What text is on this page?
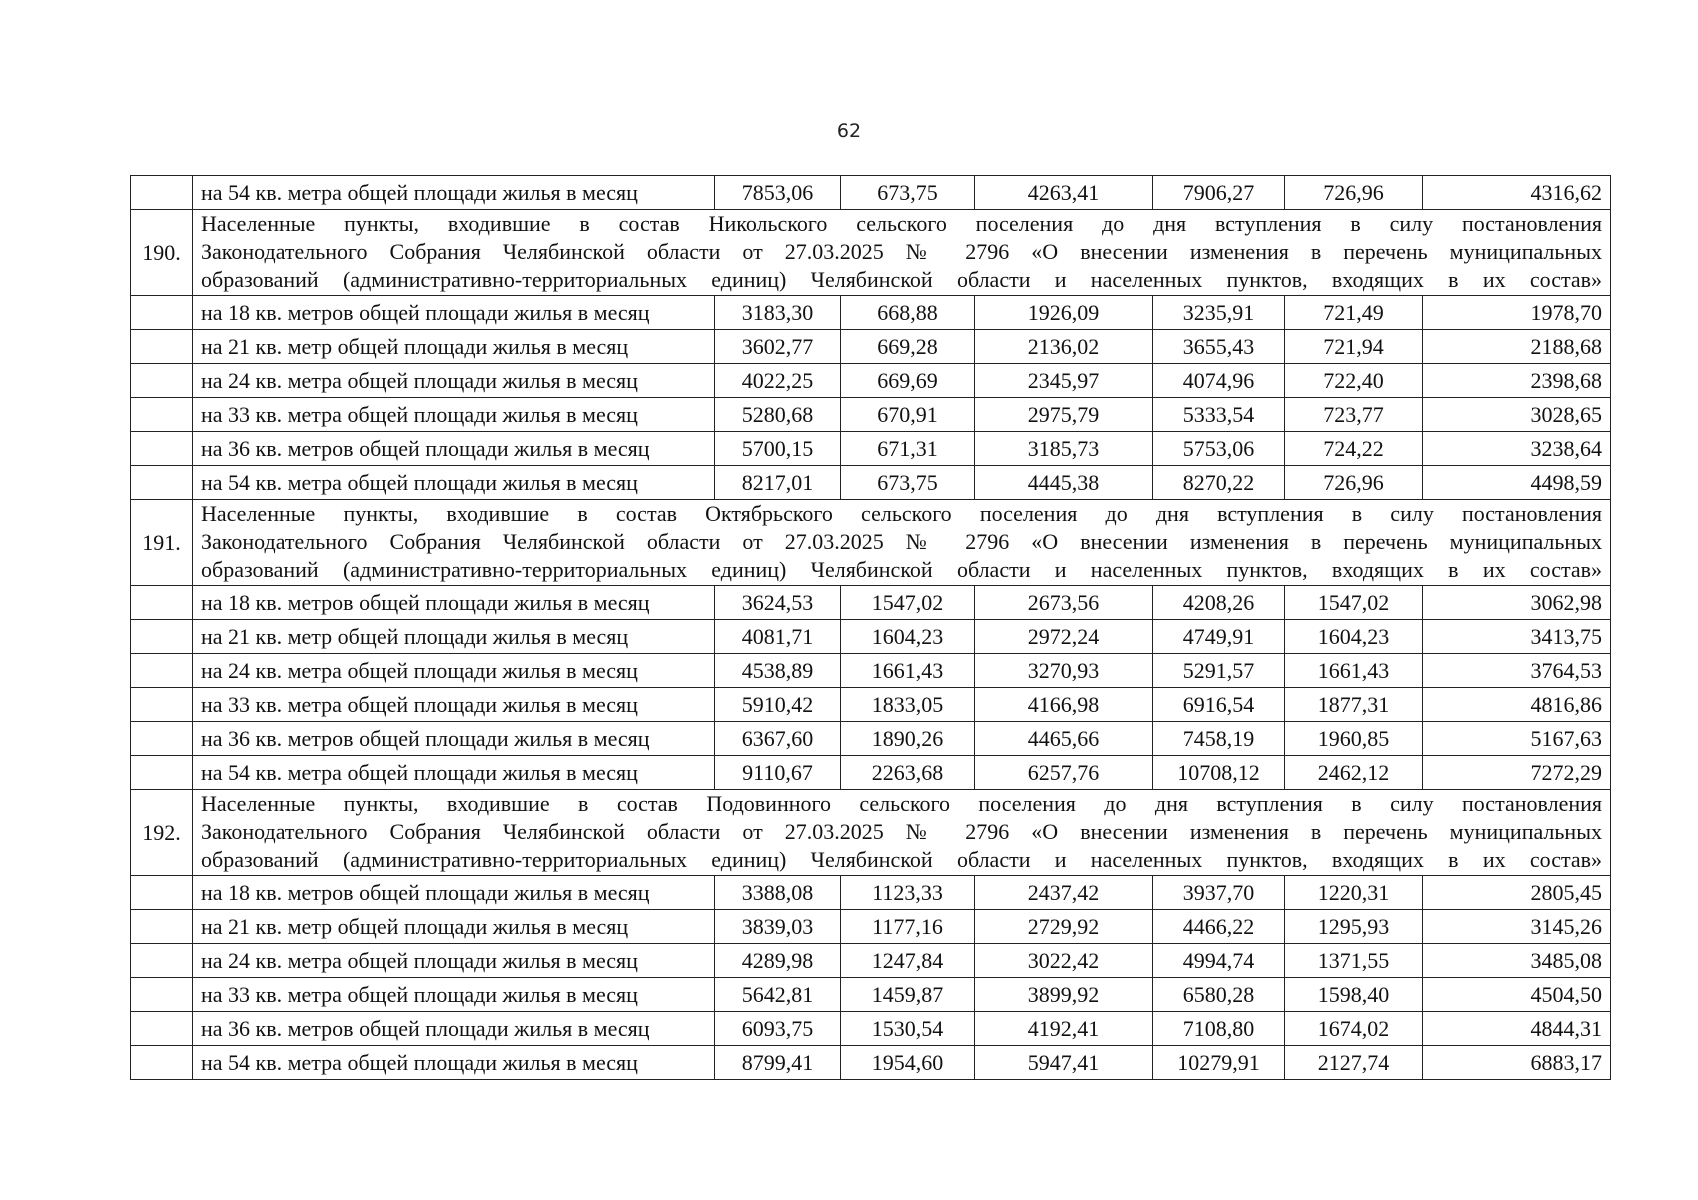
62
	на 54 кв. метра общей площади жилья в месяц	7853,06	673,75	4263,41	7906,27	726,96	4316,62
190.	Населенные пункты, входившие в состав Никольского сельского поселения до дня вступления в силу постановления
Законодательного Собрания Челябинской области от 27.03.2025 № 2796 «О внесении изменения в перечень муниципальных
образований (административно-территориальных единиц) Челябинской области и населенных пунктов, входящих в их состав»						

	на 18 кв. метров общей площади жилья в месяц	3183,30	668,88	1926,09	3235,91	721,49	1978,70
	на 21 кв. метр общей площади жилья в месяц	3602,77	669,28	2136,02	3655,43	721,94	2188,68
	на 24 кв. метра общей площади жилья в месяц	4022,25	669,69	2345,97	4074,96	722,40	2398,68
	на 33 кв. метра общей площади жилья в месяц	5280,68	670,91	2975,79	5333,54	723,77	3028,65
	на 36 кв. метров общей площади жилья в месяц	5700,15	671,31	3185,73	5753,06	724,22	3238,64
	на 54 кв. метра общей площади жилья в месяц	8217,01	673,75	4445,38	8270,22	726,96	4498,59
191.	Населенные пункты, входившие в состав Октябрьского сельского поселения до дня вступления в силу постановления
Законодательного Собрания Челябинской области от 27.03.2025 № 2796 «О внесении изменения в перечень муниципальных
образований (административно-территориальных единиц) Челябинской области и населенных пунктов, входящих в их состав»						

	на 18 кв. метров общей площади жилья в месяц	3624,53	1547,02	2673,56	4208,26	1547,02	3062,98
	на 21 кв. метр общей площади жилья в месяц	4081,71	1604,23	2972,24	4749,91	1604,23	3413,75
	на 24 кв. метра общей площади жилья в месяц	4538,89	1661,43	3270,93	5291,57	1661,43	3764,53
	на 33 кв. метра общей площади жилья в месяц	5910,42	1833,05	4166,98	6916,54	1877,31	4816,86
	на 36 кв. метров общей площади жилья в месяц	6367,60	1890,26	4465,66	7458,19	1960,85	5167,63
	на 54 кв. метра общей площади жилья в месяц	9110,67	2263,68	6257,76	10708,12	2462,12	7272,29
192.	Населенные пункты, входившие в состав Подовинного сельского поселения до дня вступления в силу постановления
Законодательного Собрания Челябинской области от 27.03.2025 № 2796 «О внесении изменения в перечень муниципальных
образований (административно-территориальных единиц) Челябинской области и населенных пунктов, входящих в их состав»						

	на 18 кв. метров общей площади жилья в месяц	3388,08	1123,33	2437,42	3937,70	1220,31	2805,45
	на 21 кв. метр общей площади жилья в месяц	3839,03	1177,16	2729,92	4466,22	1295,93	3145,26
	на 24 кв. метра общей площади жилья в месяц	4289,98	1247,84	3022,42	4994,74	1371,55	3485,08
	на 33 кв. метра общей площади жилья в месяц	5642,81	1459,87	3899,92	6580,28	1598,40	4504,50
	на 36 кв. метров общей площади жилья в месяц	6093,75	1530,54	4192,41	7108,80	1674,02	4844,31
	на 54 кв. метра общей площади жилья в месяц	8799,41	1954,60	5947,41	10279,91	2127,74	6883,17
